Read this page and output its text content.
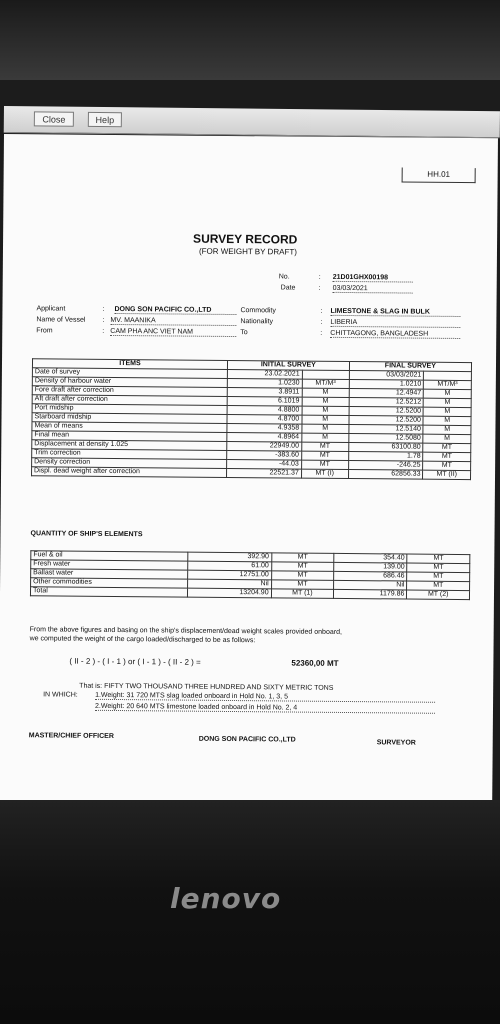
Close	Help
HH.01
SURVEY RECORD
(FOR WEIGHT BY DRAFT)
No.	: 21D01GHX00198
Date	: 03/03/2021
Applicant	: DONG SON PACIFIC CO.,LTD
Name of Vessel : MV. MAANIKA
From	: CAM PHA ANC VIET NAM
Commodity	: LIMESTONE & SLAG IN BULK
Nationality	: LIBERIA
To	: CHITTAGONG, BANGLADESH
ITEMS	INITIAL SURVEY		FINAL SURVEY	
Date of survey	23.02.2021		03/03/2021	
Density of harbour water	1.0230	MT/M³	1.0210	MT/M³
Fore draft after correction	3.8911	M	12.4947	M
Aft draft after correction	6.1019	M	12.5212	M
Port midship	4.8800	M	12.5200	M
Starboard midship	4.8700	M	12.5200	M
Mean of means	4.9358	M	12.5140	M
Final mean	4.8964	M	12.5080	M
Displacement at density 1.025	22949.00	MT	63100.80	MT
Trim correction	-383.60	MT	1.78	MT
Density correction	-44.03	MT	-246.25	MT
Displ. dead weight after correction	22521.37	MT (I)	62856.33	MT (II)
QUANTITY OF SHIP'S ELEMENTS
Fuel & oil	392.90	MT	354.40	MT
Fresh water	61.00	MT	139.00	MT
Ballast water	12751.00	MT	686.46	MT
Other commodities	Nil	MT	Nil	MT
Total	13204.90	MT (1)	1179.86	MT (2)
From the above figures and basing on the ship's displacement/dead weight scales provided onboard,
we computed the weight of the cargo loaded/discharged to be as follows:
( II - 2 ) - ( I - 1 ) or ( I - 1 ) - ( II - 2 ) =	52360,00 MT
That is: FIFTY TWO THOUSAND THREE HUNDRED AND SIXTY METRIC TONS
IN WHICH: 1.Weight: 31 720 MTS slag loaded onboard in Hold No. 1, 3, 5
2.Weight: 20 640 MTS limestone loaded onboard in Hold No. 2, 4
MASTER/CHIEF OFFICER	DONG SON PACIFIC CO.,LTD	SURVEYOR
lenovo
